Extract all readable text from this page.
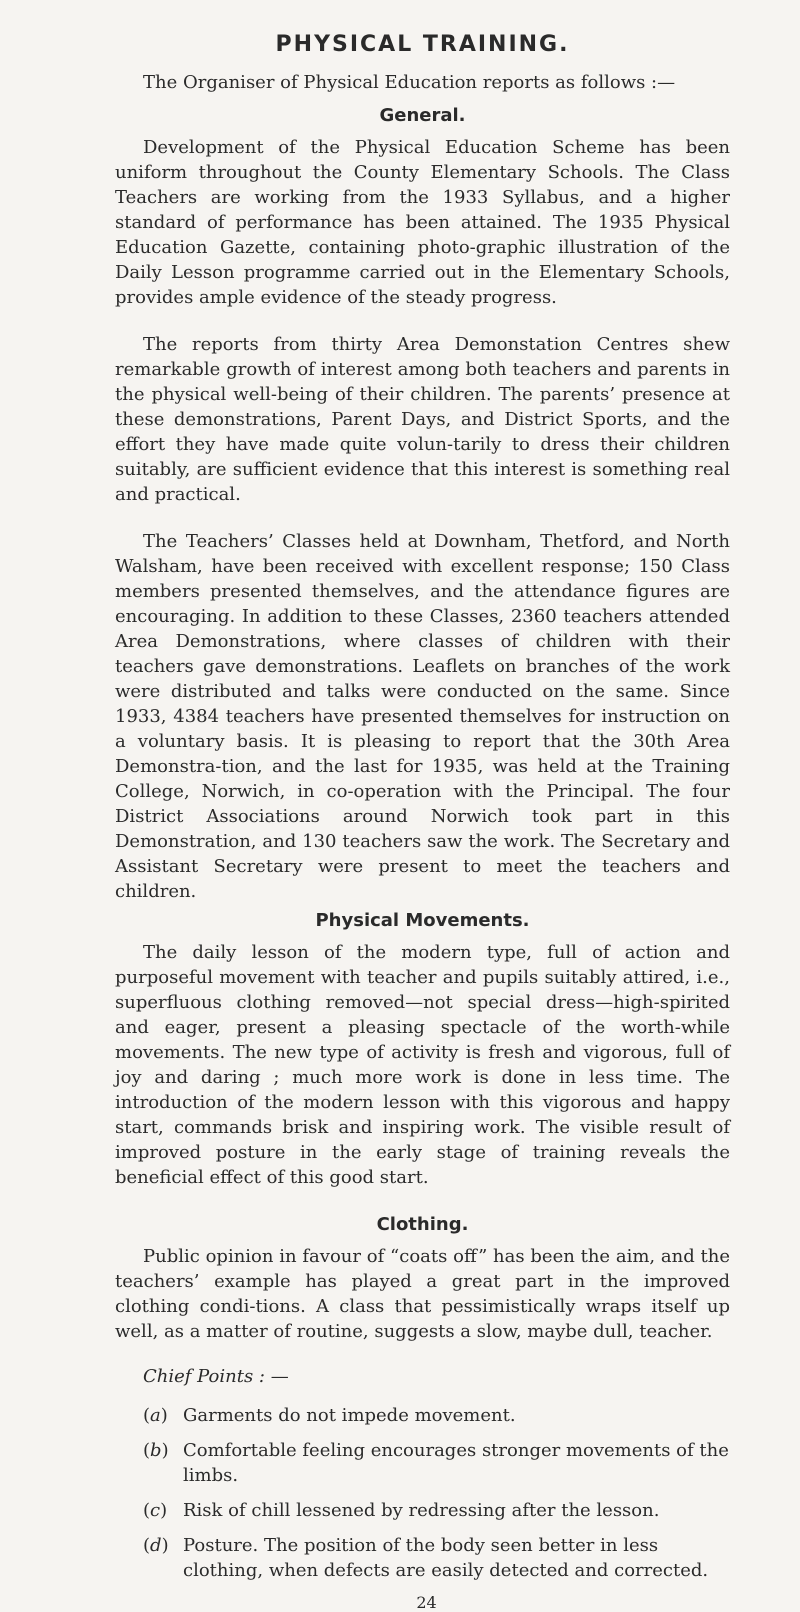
PHYSICAL TRAINING.

The Organiser of Physical Education reports as follows :—

General.

Development of the Physical Education Scheme has been uniform throughout the County Elementary Schools. The Class Teachers are working from the 1933 Syllabus, and a higher standard of performance has been attained. The 1935 Physical Education Gazette, containing photo-graphic illustration of the Daily Lesson programme carried out in the Elementary Schools, provides ample evidence of the steady progress.

The reports from thirty Area Demonstation Centres shew remarkable growth of interest among both teachers and parents in the physical well-being of their children. The parents’ presence at these demonstrations, Parent Days, and District Sports, and the effort they have made quite volun-tarily to dress their children suitably, are sufficient evidence that this interest is something real and practical.

The Teachers’ Classes held at Downham, Thetford, and North Walsham, have been received with excellent response; 150 Class members presented themselves, and the attendance figures are encouraging. In addition to these Classes, 2360 teachers attended Area Demonstrations, where classes of children with their teachers gave demonstrations. Leaflets on branches of the work were distributed and talks were conducted on the same. Since 1933, 4384 teachers have presented themselves for instruction on a voluntary basis. It is pleasing to report that the 30th Area Demonstra-tion, and the last for 1935, was held at the Training College, Norwich, in co-operation with the Principal. The four District Associations around Norwich took part in this Demonstration, and 130 teachers saw the work. The Secretary and Assistant Secretary were present to meet the teachers and children.

Physical Movements.

The daily lesson of the modern type, full of action and purposeful movement with teacher and pupils suitably attired, i.e., superfluous clothing removed—not special dress—high-spirited and eager, present a pleasing spectacle of the worth-while movements. The new type of activity is fresh and vigorous, full of joy and daring ; much more work is done in less time. The introduction of the modern lesson with this vigorous and happy start, commands brisk and inspiring work. The visible result of improved posture in the early stage of training reveals the beneficial effect of this good start.

Clothing.

Public opinion in favour of “coats off” has been the aim, and the teachers’ example has played a great part in the improved clothing condi-tions. A class that pessimistically wraps itself up well, as a matter of routine, suggests a slow, maybe dull, teacher.

Chief Points : —
(a) Garments do not impede movement.
(b) Comfortable feeling encourages stronger movements of the limbs.
(c) Risk of chill lessened by redressing after the lesson.
(d) Posture. The position of the body seen better in less clothing, when defects are easily detected and corrected.
24
